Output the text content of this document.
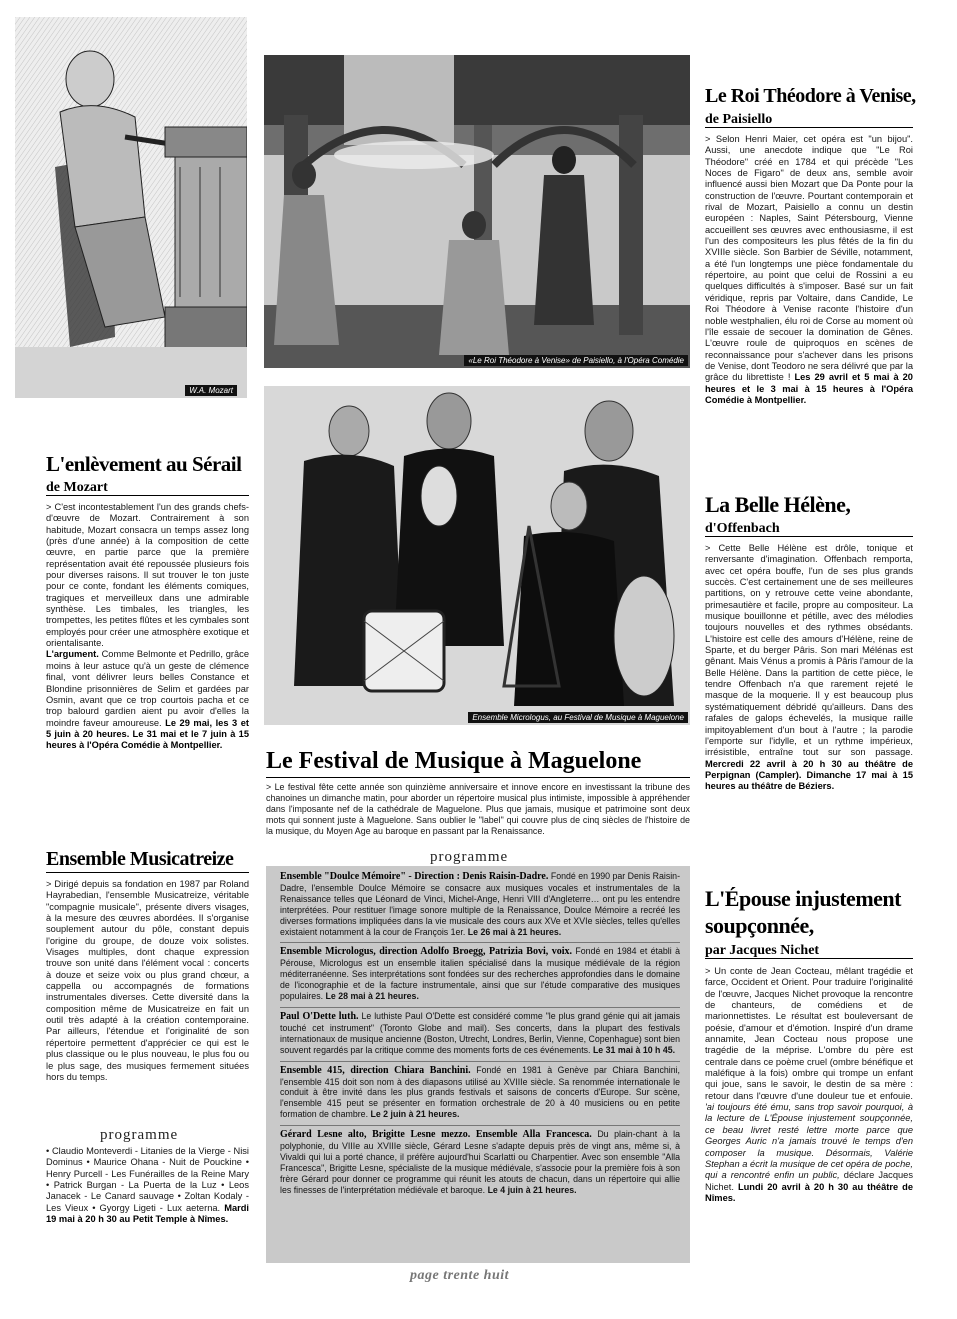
W.A. Mozart
«Le Roi Théodore à Venise» de Paisiello, à l'Opéra Comédie
Ensemble Micrologus, au Festival de Musique à Maguelone
L'enlèvement au Sérail
de Mozart

> C'est incontestablement l'un des grands chefs-d'œuvre de Mozart. Contrairement à son habitude, Mozart consacra un temps assez long (près d'une année) à la composition de cette œuvre, en partie parce que la première représentation avait été repoussée plusieurs fois pour diverses raisons. Il sut trouver le ton juste pour ce conte, fondant les éléments comiques, tragiques et merveilleux dans une admirable synthèse. Les timbales, les triangles, les trompettes, les petites flûtes et les cymbales sont employés pour créer une atmosphère exotique et orientalisante.

L'argument. Comme Belmonte et Pedrillo, grâce moins à leur astuce qu'à un geste de clémence final, vont délivrer leurs belles Constance et Blondine prisonnières de Selim et gardées par Osmin, avant que ce trop courtois pacha et ce trop balourd gardien aient pu avoir d'elles la moindre faveur amoureuse. Le 29 mai, les 3 et 5 juin à 20 heures. Le 31 mai et le 7 juin à 15 heures à l'Opéra Comédie à Montpellier.

Ensemble Musicatreize

> Dirigé depuis sa fondation en 1987 par Roland Hayrabedian, l'ensemble Musicatreize, véritable "compagnie musicale", présente divers visages, à la mesure des œuvres abordées. Il s'organise souplement autour du pôle, constant depuis l'origine du groupe, de douze voix solistes. Visages multiples, dont chaque expression trouve son unité dans l'élément vocal : concerts à douze et seize voix ou plus grand chœur, a cappella ou accompagnés de formations instrumentales diverses. Cette diversité dans la composition même de Musicatreize en fait un outil très adapté à la création contemporaine. Par ailleurs, l'étendue et l'originalité de son répertoire permettent d'apprécier ce qui est le plus classique ou le plus nouveau, le plus fou ou le plus sage, des musiques fermement situées hors du temps.

programme

• Claudio Monteverdi - Litanies de la Vierge - Nisi Dominus • Maurice Ohana - Nuit de Pouckine • Henry Purcell - Les Funérailles de la Reine Mary • Patrick Burgan - La Puerta de la Luz • Leos Janacek - Le Canard sauvage • Zoltan Kodaly - Les Vieux • Gyorgy Ligeti - Lux aeterna. Mardi 19 mai à 20 h 30 au Petit Temple à Nîmes.

Le Festival de Musique à Maguelone

> Le festival fête cette année son quinzième anniversaire et innove encore en investissant la tribune des chanoines un dimanche matin, pour aborder un répertoire musical plus intimiste, impossible à appréhender dans l'imposante nef de la cathédrale de Maguelone. Plus que jamais, musique et patrimoine sont deux mots qui sonnent juste à Maguelone. Sans oublier le "label" qui couvre plus de cinq siècles de l'histoire de la musique, du Moyen Age au baroque en passant par la Renaissance.

programme
Ensemble "Doulce Mémoire" - Direction : Denis Raisin-Dadre. Fondé en 1990 par Denis Raisin-Dadre, l'ensemble Doulce Mémoire se consacre aux musiques vocales et instrumentales de la Renaissance telles que Léonard de Vinci, Michel-Ange, Henri VIII d'Angleterre… ont pu les entendre interprétées. Pour restituer l'image sonore multiple de la Renaissance, Doulce Mémoire a recréé les diverses formations impliquées dans la vie musicale des cours aux XVe et XVIe siècles, telles qu'elles existaient notamment à la cour de François 1er. Le 26 mai à 21 heures.
Ensemble Micrologus, direction Adolfo Broegg, Patrizia Bovi, voix. Fondé en 1984 et établi à Pérouse, Micrologus est un ensemble italien spécialisé dans la musique médiévale de la région méditerranéenne. Ses interprétations sont fondées sur des recherches approfondies dans le domaine de l'iconographie et de la facture instrumentale, ainsi que sur l'étude comparative des musiques populaires. Le 28 mai à 21 heures.
Paul O'Dette luth. Le luthiste Paul O'Dette est considéré comme "le plus grand génie qui ait jamais touché cet instrument" (Toronto Globe and mail). Ses concerts, dans la plupart des festivals internationaux de musique ancienne (Boston, Utrecht, Londres, Berlin, Vienne, Copenhague) sont bien souvent regardés par la critique comme des moments forts de ces événements. Le 31 mai à 10 h 45.
Ensemble 415, direction Chiara Banchini. Fondé en 1981 à Genève par Chiara Banchini, l'ensemble 415 doit son nom à des diapasons utilisé au XVIIIe siècle. Sa renommée internationale le conduit à être invité dans les plus grands festivals et saisons de concerts d'Europe. Sur scène, l'ensemble 415 peut se présenter en formation orchestrale de 20 à 40 musiciens ou en petite formation de chambre. Le 2 juin à 21 heures.
Gérard Lesne alto, Brigitte Lesne mezzo. Ensemble Alla Francesca. Du plain-chant à la polyphonie, du VIIIe au XVIIIe siècle, Gérard Lesne s'adapte depuis près de vingt ans, même si, à Vivaldi qui lui a porté chance, il préfère aujourd'hui Scarlatti ou Charpentier. Avec son ensemble "Alla Francesca", Brigitte Lesne, spécialiste de la musique médiévale, s'associe pour la première fois à son frère Gérard pour donner ce programme qui réunit les atouts de chacun, dans un répertoire qui allie les finesses de l'interprétation médiévale et baroque. Le 4 juin à 21 heures.
Le Roi Théodore à Venise,
de Paisiello

> Selon Henri Maier, cet opéra est "un bijou". Aussi, une anecdote indique que "Le Roi Théodore" créé en 1784 et qui précède "Les Noces de Figaro" de deux ans, semble avoir influencé aussi bien Mozart que Da Ponte pour la construction de l'œuvre. Pourtant contemporain et rival de Mozart, Paisiello a connu un destin européen : Naples, Saint Pétersbourg, Vienne accueillent ses œuvres avec enthousiasme, il est l'un des compositeurs les plus fêtés de la fin du XVIIIe siècle. Son Barbier de Séville, notamment, a été l'un longtemps une pièce fondamentale du répertoire, au point que celui de Rossini a eu quelques difficultés à s'imposer. Basé sur un fait véridique, repris par Voltaire, dans Candide, Le Roi Théodore à Venise raconte l'histoire d'un noble westphalien, élu roi de Corse au moment où l'île essaie de secouer la domination de Gênes. L'œuvre roule de quiproquos en scènes de reconnaissance pour s'achever dans les prisons de Venise, dont Teodoro ne sera délivré que par la grâce du librettiste ! Les 29 avril et 5 mai à 20 heures et le 3 mai à 15 heures à l'Opéra Comédie à Montpellier.

La Belle Hélène,
d'Offenbach

> Cette Belle Hélène est drôle, tonique et renversante d'imagination. Offenbach remporta, avec cet opéra bouffe, l'un de ses plus grands succès. C'est certainement une de ses meilleures partitions, on y retrouve cette veine abondante, primesautière et facile, propre au compositeur. La musique bouillonne et pétille, avec des mélodies toujours nouvelles et des rythmes obsédants. L'histoire est celle des amours d'Hélène, reine de Sparte, et du berger Pâris. Son mari Mélénas est gênant. Mais Vénus a promis à Pâris l'amour de la Belle Hélène. Dans la partition de cette pièce, le tendre Offenbach n'a que rarement rejeté le masque de la moquerie. Il y est beaucoup plus systématiquement débridé qu'ailleurs. Dans des rafales de galops échevelés, la musique raille impitoyablement d'un bout à l'autre ; la parodie l'emporte sur l'idylle, et un rythme impérieux, irrésistible, entraîne tout sur son passage. Mercredi 22 avril à 20 h 30 au théâtre de Perpignan (Campler). Dimanche 17 mai à 15 heures au théâtre de Béziers.

L'Épouse injustement
soupçonnée,
par Jacques Nichet

> Un conte de Jean Cocteau, mêlant tragédie et farce, Occident et Orient. Pour traduire l'originalité de l'œuvre, Jacques Nichet provoque la rencontre de chanteurs, de comédiens et de marionnettistes. Le résultat est bouleversant de poésie, d'amour et d'émotion. Inspiré d'un drame annamite, Jean Cocteau nous propose une tragédie de la méprise. L'ombre du père est centrale dans ce poème cruel (ombre bénéfique et maléfique à la fois) ombre qui trompe un enfant qui joue, sans le savoir, le destin de sa mère : retour dans l'œuvre d'une douleur tue et enfouie. 'ai toujours été ému, sans trop savoir pourquoi, à la lecture de L'Épouse injustement soupçonnée, ce beau livret resté lettre morte parce que Georges Auric n'a jamais trouvé le temps d'en composer la musique. Désormais, Valérie Stephan a écrit la musique de cet opéra de poche, qui a rencontré enfin un public, déclare Jacques Nichet. Lundi 20 avril à 20 h 30 au théâtre de Nîmes.

page trente huit
